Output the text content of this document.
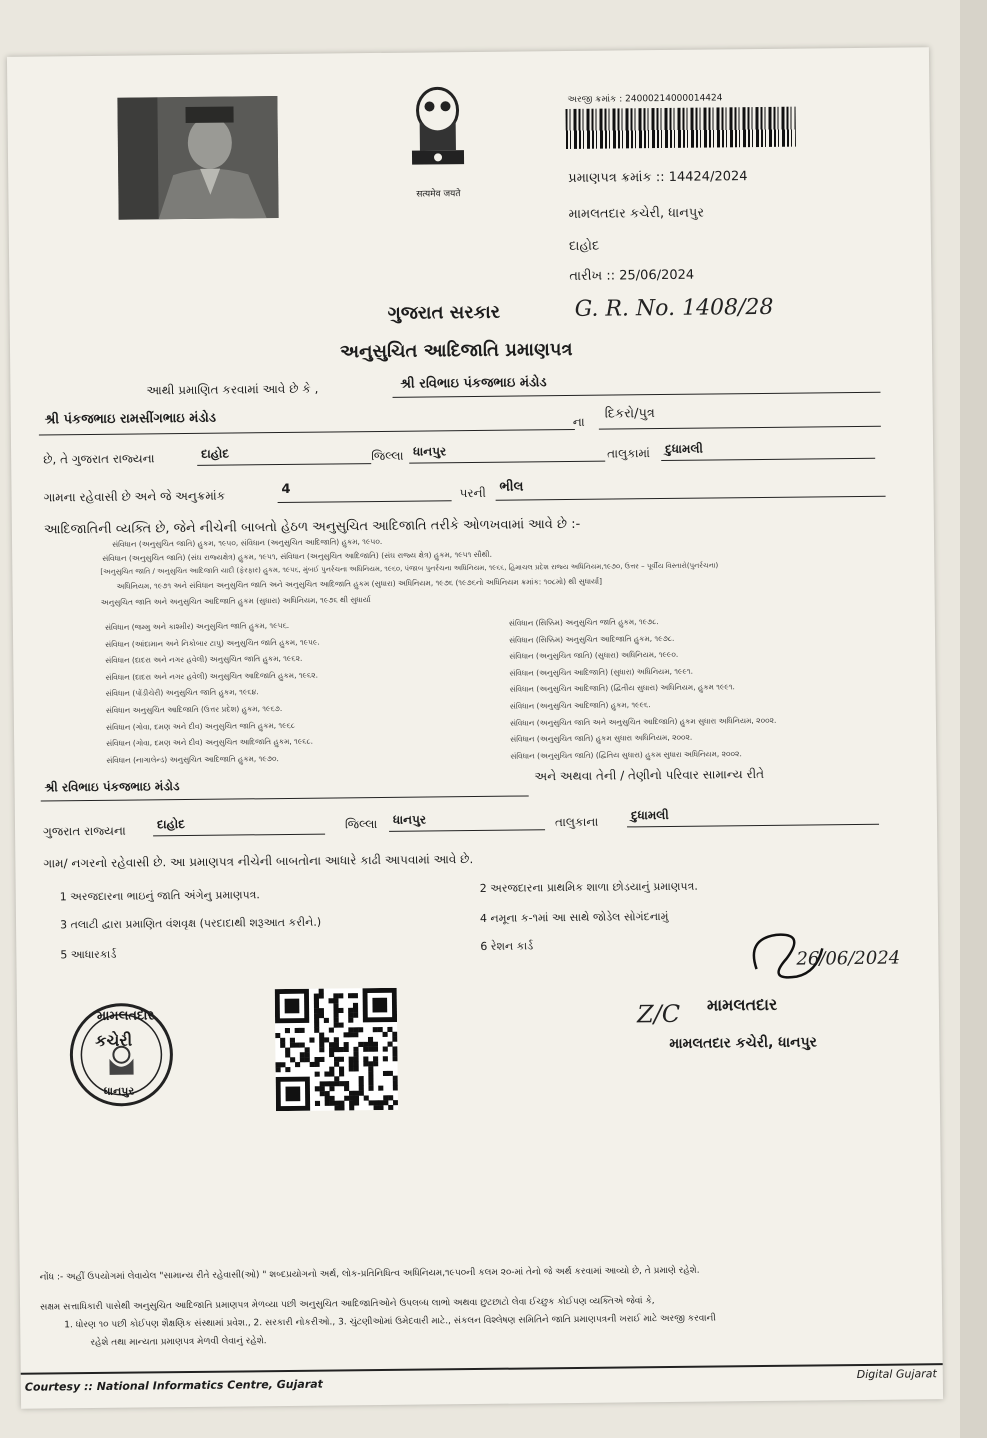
सत्यमेव जयते
અરજી ક્રમાંક : 24000214000014424
પ્રમાણપત્ર ક્રમાંક :: 14424/2024
મામલતદાર કચેરી, ધાનપુર
દાહોદ
તારીખ :: 25/06/2024
ગુજરાત સરકાર	G. R. No. 1408/28
અનુસુચિત આદિજાતિ પ્રમાણપત્ર
આથી પ્રમાણિત કરવામાં આવે છે કે ,	શ્રી રવિભાઇ પંકજભાઇ મંડોડ
શ્રી પંકજભાઇ રામસીંગભાઇ મંડોડ	ના
દિકરો/પુત્ર
છે, તે ગુજરાત રાજ્યના	દાહોદ	જિલ્લા ધાનપુર	તાલુકામાં	દુધામલી
ગામના રહેવાસી છે અને જે અનુક્રમાંક	4	પરની	ભીલ
આદિજાતિની વ્યક્તિ છે, જેને નીચેની બાબતો હેઠળ અનુસુચિત આદિજાતિ તરીકે ઓળખવામાં આવે છે :-
સંવિધાન (અનુસુચિત જાતિ) હુકમ, ૧૯૫૦, સંવિધાન (અનુસુચિત આદિજાતિ) હુકમ, ૧૯૫૦.
સંવિધાન (અનુસુચિત જાતિ) (સંઘ રાજ્યક્ષેત્ર) હુકમ, ૧૯૫૧, સંવિધાન (અનુસુચિત આદિજાતિ) (સંઘ રાજ્ય ક્ષેત્ર) હુકમ, ૧૯૫૧ સૌથી.
[અનુસુચિત જાતિ / અનુસુચિત આદિજાતિ યાદી (ફેરફાર) હુકમ, ૧૯૫૬, મુંબઈ પુનર્રચના અધિનિયમ, ૧૯૬૦, પંજાબ પુનર્રચના અધિનિયમ, ૧૯૬૬, હિમાચલ પ્રદેશ રાજ્ય અધિનિયમ,૧૯૭૦, ઉત્તર – પૂર્વીય વિસ્તારો(પુનર્રચના)
અધિનિયમ, ૧૯૭૧ અને સંવિધાન અનુસુચિત જાતિ અને અનુસુચિત આદિજાતિ હુકમ (સુધારા) અધિનિયમ, ૧૯૭૬ (૧૯૭૬નો અધિનિયમ ક્રમાંક: ૧૦૮મો) થી સુધાર્યા]
અનુસુચિત જાતિ અને અનુસુચિત આદિજાતિ હુકમ (સુધારા) અધિનિયમ, ૧૯૭૬ થી સુધાર્યા
સંવિધાન (જમ્મુ અને કાશ્મીર) અનુસુચિત જાતિ હુકમ, ૧૯૫૬.
સંવિધાન (આંદામાન અને નિકોબાર ટાપુ) અનુસુચિત જાતિ હુકમ, ૧૯૫૯.
સંવિધાન (દાદરા અને નગર હવેલી) અનુસુચિત જાતિ હુકમ, ૧૯૬૨.
સંવિધાન (દાદરા અને નગર હવેલી) અનુસુચિત આદિજાતિ હુકમ, ૧૯૬૨.
સંવિધાન (પોંડીચેરી) અનુસુચિત જાતિ હુકમ, ૧૯૬૪.
સંવિધાન અનુસુચિત આદિજાતિ (ઉત્તર પ્રદેશ) હુકમ, ૧૯૬૭.
સંવિધાન (ગોવા, દમણ અને દીવ) અનુસુચિત જાતિ હુકમ, ૧૯૬૮
સંવિધાન (ગોવા, દમણ અને દીવ) અનુસુચિત આદિજાતિ હુકમ, ૧૯૬૮.
સંવિધાન (નાગાલેન્ડ) અનુસુચિત આદિજાતિ હુકમ, ૧૯૭૦.
સંવિધાન (સિક્કિમ) અનુસુચિત જાતિ હુકમ, ૧૯૭૮.
સંવિધાન (સિક્કિમ) અનુસુચિત આદિજાતિ હુકમ, ૧૯૭૮.
સંવિધાન (અનુસુચિત જાતિ) (સુધારા) અધિનિયમ, ૧૯૯૦.
સંવિધાન (અનુસુચિત આદિજાતિ) (સુધારા) અધિનિયમ, ૧૯૯૧.
સંવિધાન (અનુસુચિત આદિજાતિ) (દ્વિતીય સુધારા) અધિનિયમ, હુકમ ૧૯૯૧.
સંવિધાન (અનુસુચિત આદિજાતિ) હુકમ, ૧૯૯૬.
સંવિધાન (અનુસુચિત જાતિ અને અનુસુચિત આદિજાતિ) હુકમ સુધારા અધિનિયમ, ૨૦૦૨.
સંવિધાન (અનુસુચિત જાતિ) હુકમ સુધારા અધિનિયમ, ૨૦૦૨.
સંવિધાન (અનુસુચિત જાતિ) (દ્વિતિય સુધારા) હુકમ સુધારા અધિનિયમ, ૨૦૦૨.
શ્રી રવિભાઇ પંકજભાઇ મંડોડ
અને અથવા તેની / તેણીનો પરિવાર સામાન્ય રીતે
ગુજરાત રાજ્યના	દાહોદ	જિલ્લા	ધાનપુર	તાલુકાના	દુધામલી
ગામ/ નગરનો રહેવાસી છે. આ પ્રમાણપત્ર નીચેની બાબતોના આધારે કાઢી આપવામાં આવે છે.
1 અરજદારના ભાઇનું જાતિ અંગેનુ પ્રમાણપત્ર.
2 અરજદારના પ્રાથમિક શાળા છોડયાનું પ્રમાણપત્ર.
3 તલાટી દ્વારા પ્રમાણિત વંશવૃક્ષ (પરદાદાથી શરૂઆત કરીને.)	4 નમૂના ક-૧માં આ સાથે જોડેલ સોગંદનામું
5 આધારકાર્ડ
6 રેશન કાર્ડ
26/06/2024
Z/C મામલતદાર
મામલતદાર કચેરી, ધાનપુર
મામલતદાર
કચેરી
ધાનપુર
નોંધ :- અહીં ઉપયોગમાં લેવાયેલ "સામાન્ય રીતે રહેવાસી(ઓ) " શબ્દપ્રયોગનો અર્થ, લોક-પ્રતિનિધિત્વ અધિનિયમ,૧૯૫૦ની કલમ ૨૦-માં તેનો જે અર્થ કરવામાં આવ્યો છે, તે પ્રમાણે રહેશે.
સક્ષમ સત્તાધિકારી પાસેથી અનુસુચિત આદિજાતિ પ્રમાણપત્ર મેળવ્યા પછી અનુસુચિત આદિજાતિઓને ઉપલબ્ધ લાભો અથવા છુટછાટો લેવા ઈચ્છુક કોઈપણ વ્યક્તિએ જેવાં કે,
1. ધોરણ ૧૦ પછી કોઈપણ શૈક્ષણિક સંસ્થામાં પ્રવેશ., 2. સરકારી નોકરીઓ., 3. ચુંટણીઓમાં ઉમેદવારી માટે., સંકલન વિશ્લેષણ સમિતિને જાતિ પ્રમાણપત્રની ખરાઈ માટે અરજી કરવાની
રહેશે તથા માન્યતા પ્રમાણપત્ર મેળવી લેવાનું રહેશે.
Courtesy :: National Informatics Centre, Gujarat
Digital Gujarat
